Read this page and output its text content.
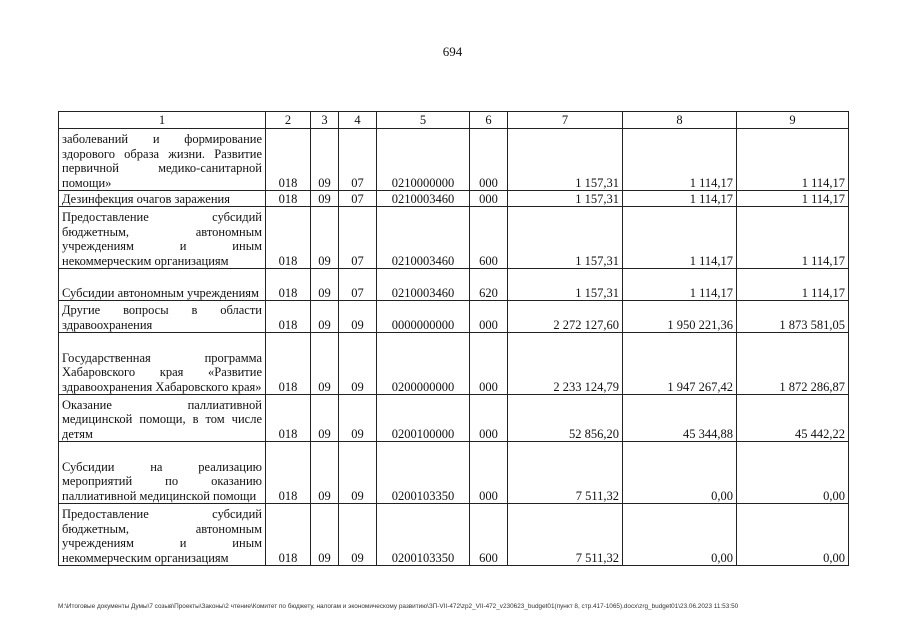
694
1	2	3	4	5	6	7	8	9
заболеваний и формирование здорового образа жизни. Развитие первичной медико-санитарной помощи»	018	09	07	0210000000	000	1 157,31	1 114,17	1 114,17
Дезинфекция очагов заражения	018	09	07	0210003460	000	1 157,31	1 114,17	1 114,17
Предоставление субсидий бюджетным, автономным учреждениям и иным некоммерческим организациям	018	09	07	0210003460	600	1 157,31	1 114,17	1 114,17
Субсидии автономным учреждениям	018	09	07	0210003460	620	1 157,31	1 114,17	1 114,17
Другие вопросы в области здравоохранения	018	09	09	0000000000	000	2 272 127,60	1 950 221,36	1 873 581,05
Государственная программа Хабаровского края «Развитие здравоохранения Хабаровского края»	018	09	09	0200000000	000	2 233 124,79	1 947 267,42	1 872 286,87
Оказание паллиативной медицинской помощи, в том числе детям	018	09	09	0200100000	000	52 856,20	45 344,88	45 442,22
Субсидии на реализацию мероприятий по оказанию паллиативной медицинской помощи	018	09	09	0200103350	000	7 511,32	0,00	0,00
Предоставление субсидий бюджетным, автономным учреждениям и иным некоммерческим организациям	018	09	09	0200103350	600	7 511,32	0,00	0,00
M:\Итоговые документы Думы\7 созыв\Проекты\Законы\2 чтение\Комитет по бюджету, налогам и экономическому развитию\ЗП-VII-472\zp2_VII-472_v230623_budget01(пункт 8, стр.417-1065).docx\zrg_budget01\23.06.2023 11:53:50
